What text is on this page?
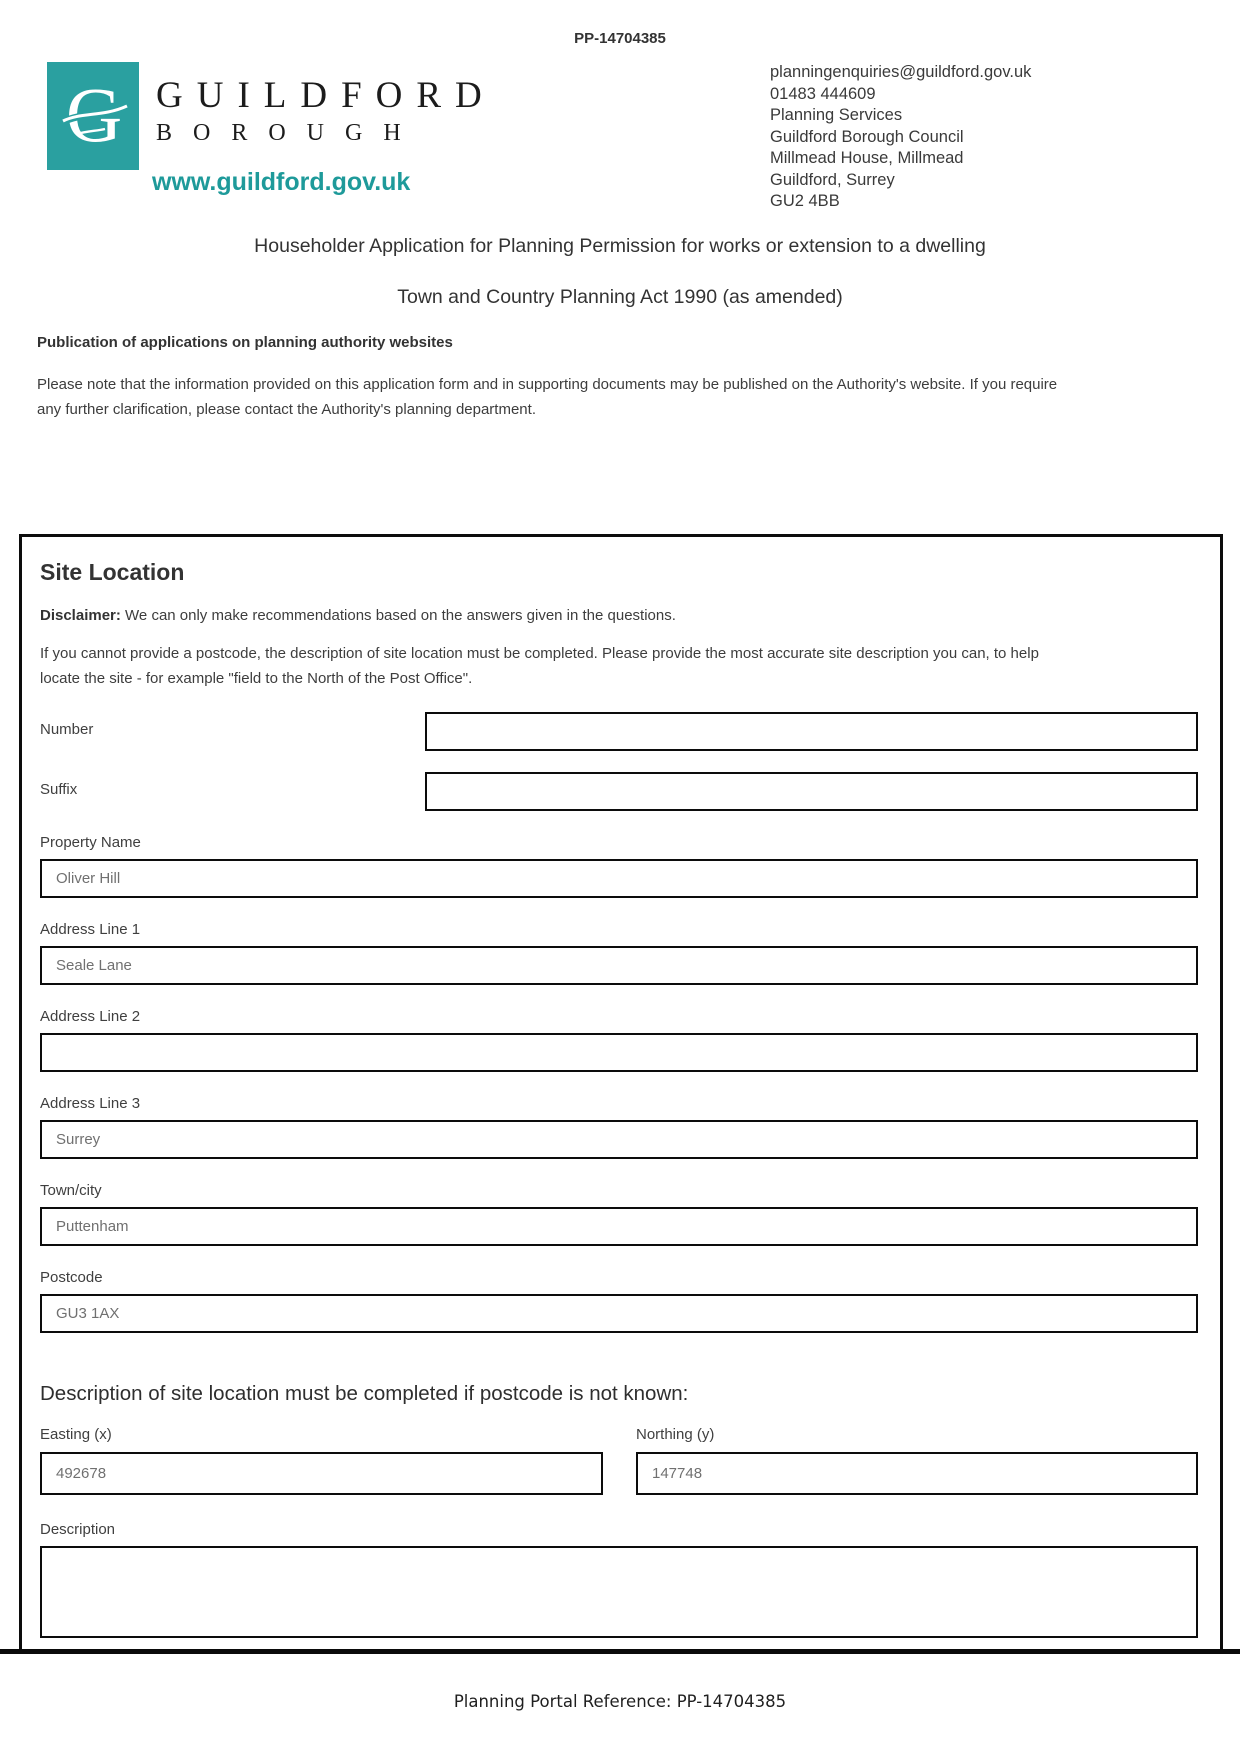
PP-14704385
G GUILDFORD
BOROUGH
www.guildford.gov.uk
planningenquiries@guildford.gov.uk
01483 444609
Planning Services
Guildford Borough Council
Millmead House, Millmead
Guildford, Surrey
GU2 4BB
Householder Application for Planning Permission for works or extension to a dwelling
Town and Country Planning Act 1990 (as amended)
Publication of applications on planning authority websites
Please note that the information provided on this application form and in supporting documents may be published on the Authority's website. If you require any further clarification, please contact the Authority's planning department.
Site Location
Disclaimer: We can only make recommendations based on the answers given in the questions.
If you cannot provide a postcode, the description of site location must be completed. Please provide the most accurate site description you can, to help locate the site - for example "field to the North of the Post Office".
Number
Suffix
Property Name
Oliver Hill
Address Line 1
Seale Lane
Address Line 2
Address Line 3
Surrey
Town/city
Puttenham
Postcode
GU3 1AX
Description of site location must be completed if postcode is not known:
Easting (x)
492678	Northing (y)
147748
Description
Planning Portal Reference: PP-14704385
